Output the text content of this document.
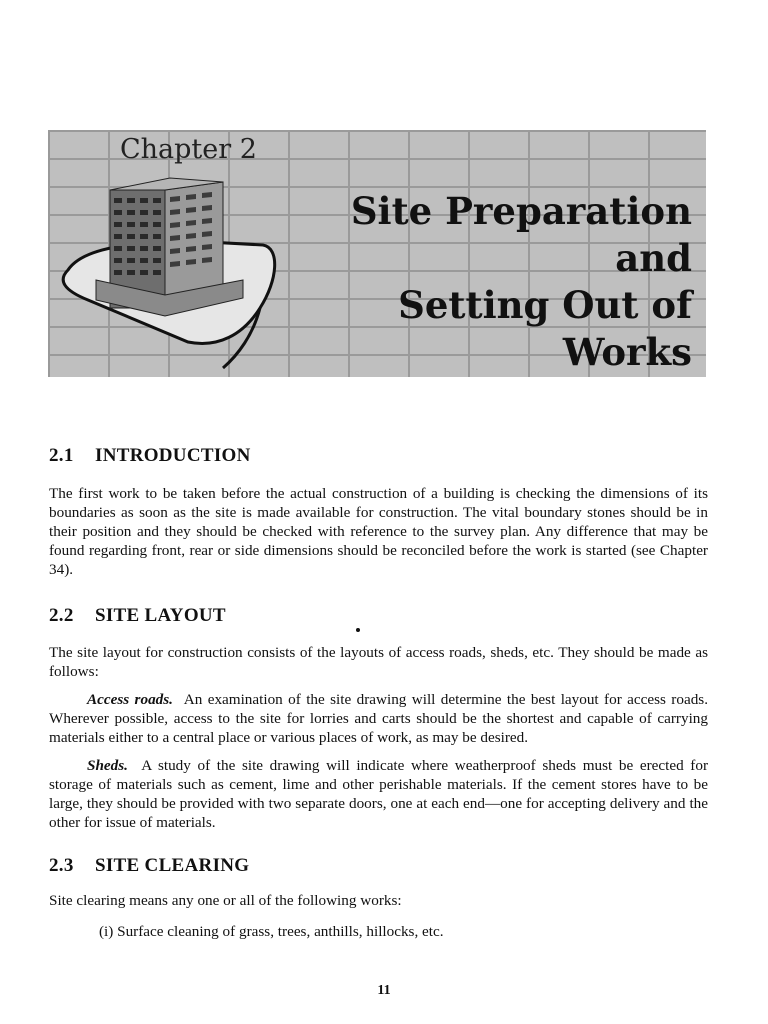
Chapter 2
Site Preparation and
Setting Out of Works
2.1 INTRODUCTION

The first work to be taken before the actual construction of a building is checking the dimensions of its boundaries as soon as the site is made available for construction. The vital boundary stones should be in their position and they should be checked with reference to the survey plan. Any difference that may be found regarding front, rear or side dimensions should be reconciled before the work is started (see Chapter 34).

2.2 SITE LAYOUT

The site layout for construction consists of the layouts of access roads, sheds, etc. They should be made as follows:

Access roads. An examination of the site drawing will determine the best layout for access roads. Wherever possible, access to the site for lorries and carts should be the shortest and capable of carrying materials either to a central place or various places of work, as may be desired.

Sheds. A study of the site drawing will indicate where weatherproof sheds must be erected for storage of materials such as cement, lime and other perishable materials. If the cement stores have to be large, they should be provided with two separate doors, one at each end—one for accepting delivery and the other for issue of materials.

2.3 SITE CLEARING

Site clearing means any one or all of the following works:

(i) Surface cleaning of grass, trees, anthills, hillocks, etc.

11
